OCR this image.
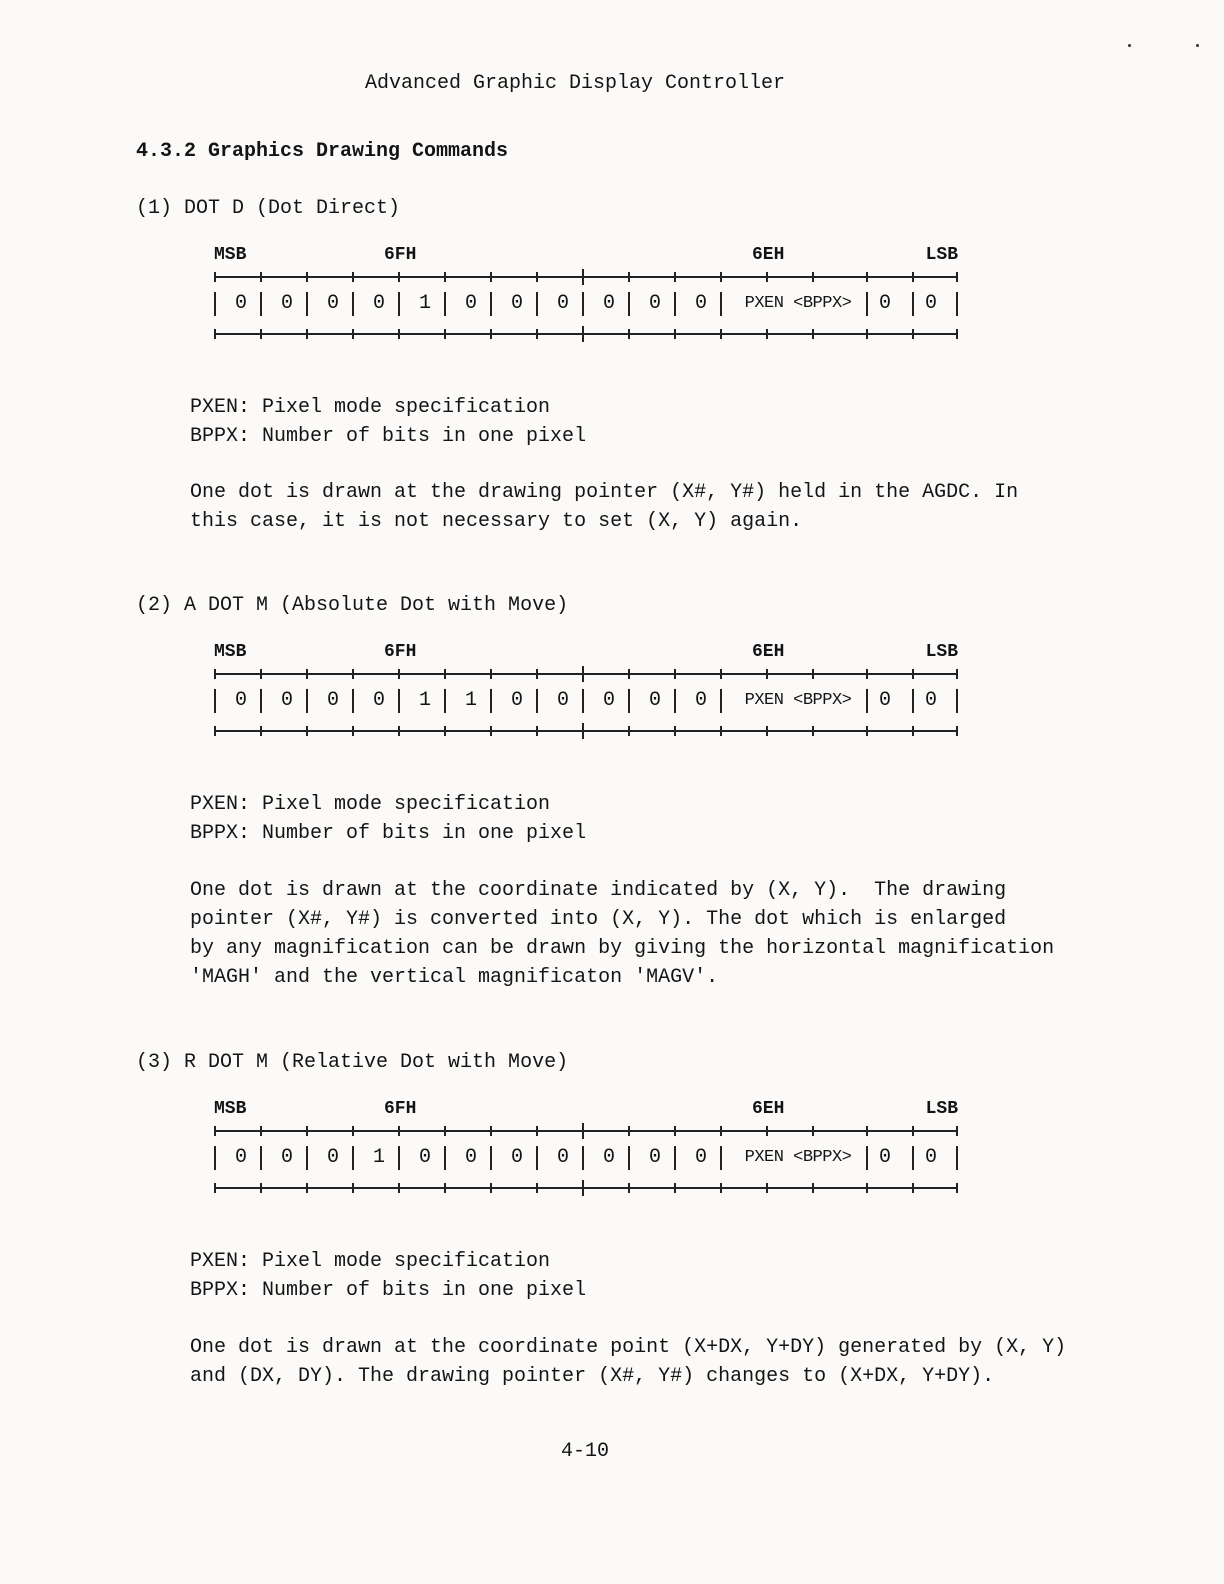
Advanced Graphic Display Controller
4.3.2 Graphics Drawing Commands
(1) DOT D (Dot Direct)
MSB	6FH	6EH	LSB
0	0	0	0	1	0	0	0	0	0	0	PXEN <BPPX>	0	0
PXEN: Pixel mode specification
BPPX: Number of bits in one pixel

One dot is drawn at the drawing pointer (X#, Y#) held in the AGDC. In

this case, it is not necessary to set (X, Y) again.

(2) A DOT M (Absolute Dot with Move)
MSB	6FH	6EH	LSB
0	0	0	0	1	1	0	0	0	0	0	PXEN <BPPX>	0	0
PXEN: Pixel mode specification
BPPX: Number of bits in one pixel

One dot is drawn at the coordinate indicated by (X, Y).  The drawing

pointer (X#, Y#) is converted into (X, Y). The dot which is enlarged

by any magnification can be drawn by giving the horizontal magnification

'MAGH' and the vertical magnificaton 'MAGV'.

(3) R DOT M (Relative Dot with Move)
MSB	6FH	6EH	LSB
0	0	0	1	0	0	0	0	0	0	0	PXEN <BPPX>	0	0
PXEN: Pixel mode specification
BPPX: Number of bits in one pixel

One dot is drawn at the coordinate point (X+DX, Y+DY) generated by (X, Y)

and (DX, DY). The drawing pointer (X#, Y#) changes to (X+DX, Y+DY).

4-10
